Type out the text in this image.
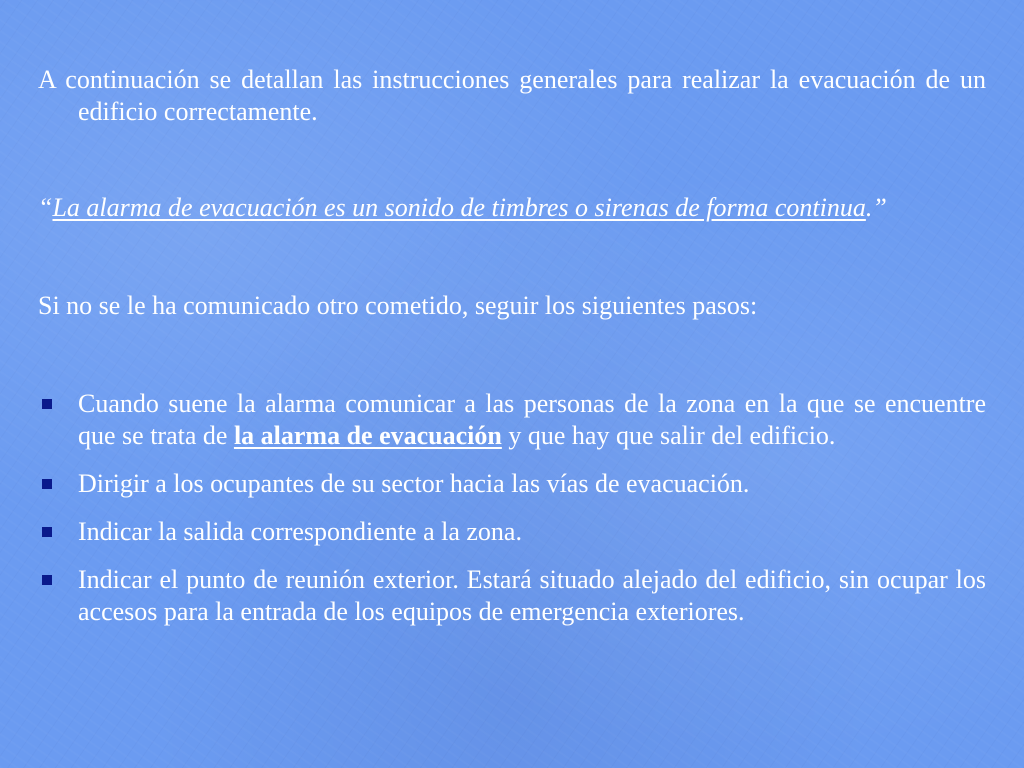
A continuación se detallan las instrucciones generales para realizar la evacuación de un edificio correctamente.

“La alarma de evacuación es un sonido de timbres o sirenas de forma continua.”

Si no se le ha comunicado otro cometido, seguir los siguientes pasos:

Cuando suene la alarma comunicar a las personas de la zona en la que se encuentre que se trata de la alarma de evacuación y que hay que salir del edificio.
Dirigir a los ocupantes de su sector hacia las vías de evacuación.
Indicar la salida correspondiente a la zona.
Indicar el punto de reunión exterior. Estará situado alejado del edificio, sin ocupar los accesos para la entrada de los equipos de emergencia exteriores.
